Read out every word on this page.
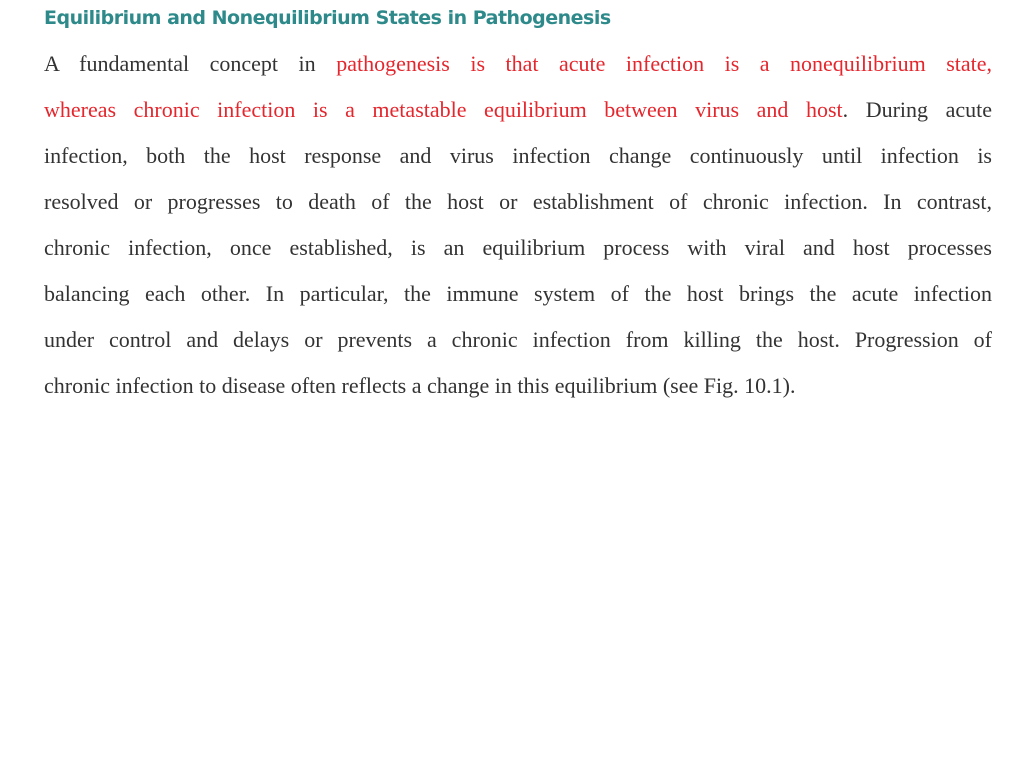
Equilibrium and Nonequilibrium States in Pathogenesis
A fundamental concept in pathogenesis is that acute infection is a nonequilibrium state,
whereas chronic infection is a metastable equilibrium between virus and host. During acute
infection, both the host response and virus infection change continuously until infection is
resolved or progresses to death of the host or establishment of chronic infection. In contrast,
chronic infection, once established, is an equilibrium process with viral and host processes
balancing each other. In particular, the immune system of the host brings the acute infection
under control and delays or prevents a chronic infection from killing the host. Progression of
chronic infection to disease often reflects a change in this equilibrium (see Fig. 10.1).
